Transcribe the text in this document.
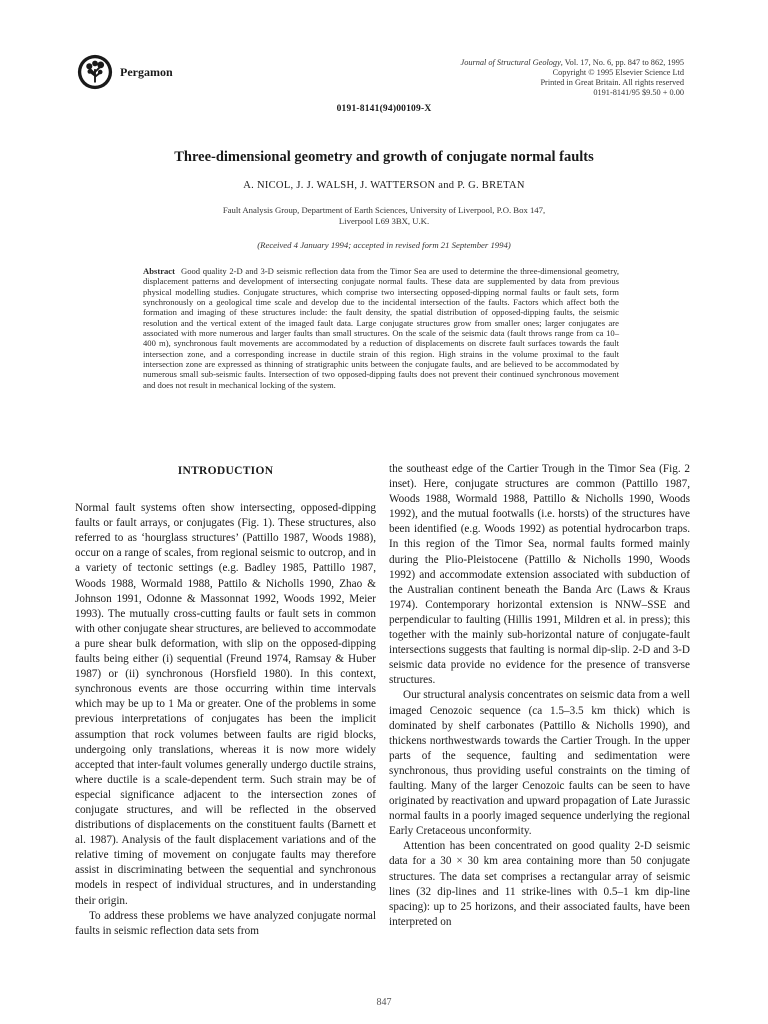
Pergamon
Journal of Structural Geology, Vol. 17, No. 6, pp. 847 to 862, 1995
Copyright © 1995 Elsevier Science Ltd
Printed in Great Britain. All rights reserved
0191-8141/95 $9.50 + 0.00
0191-8141(94)00109-X
Three-dimensional geometry and growth of conjugate normal faults
A. NICOL, J. J. WALSH, J. WATTERSON and P. G. BRETAN
Fault Analysis Group, Department of Earth Sciences, University of Liverpool, P.O. Box 147,
Liverpool L69 3BX, U.K.
(Received 4 January 1994; accepted in revised form 21 September 1994)
Abstract Good quality 2-D and 3-D seismic reflection data from the Timor Sea are used to determine the three-dimensional geometry, displacement patterns and development of intersecting conjugate normal faults. These data are supplemented by data from previous physical modelling studies. Conjugate structures, which comprise two intersecting opposed-dipping normal faults or fault sets, form synchronously on a geological time scale and develop due to the incidental intersection of the faults. Factors which affect both the formation and imaging of these structures include: the fault density, the spatial distribution of opposed-dipping faults, the seismic resolution and the vertical extent of the imaged fault data. Large conjugate structures grow from smaller ones; larger conjugates are associated with more numerous and larger faults than small structures. On the scale of the seismic data (fault throws range from ca 10–400 m), synchronous fault movements are accommodated by a reduction of displacements on discrete fault surfaces towards the fault intersection zone, and a corresponding increase in ductile strain of this region. High strains in the volume proximal to the fault intersection zone are expressed as thinning of stratigraphic units between the conjugate faults, and are believed to be accommodated by numerous small sub-seismic faults. Intersection of two opposed-dipping faults does not prevent their continued synchronous movement and does not result in mechanical locking of the system.
INTRODUCTION

Normal fault systems often show intersecting, opposed-dipping faults or fault arrays, or conjugates (Fig. 1). These structures, also referred to as ‘hourglass structures’ (Pattillo 1987, Woods 1988), occur on a range of scales, from regional seismic to outcrop, and in a variety of tectonic settings (e.g. Badley 1985, Pattillo 1987, Woods 1988, Wormald 1988, Pattilo & Nicholls 1990, Zhao & Johnson 1991, Odonne & Massonnat 1992, Woods 1992, Meier 1993). The mutually cross-cutting faults or fault sets in common with other conjugate shear structures, are believed to accommodate a pure shear bulk deformation, with slip on the opposed-dipping faults being either (i) sequential (Freund 1974, Ramsay & Huber 1987) or (ii) synchronous (Horsfield 1980). In this context, synchronous events are those occurring within time intervals which may be up to 1 Ma or greater. One of the problems in some previous interpretations of conjugates has been the implicit assumption that rock volumes between faults are rigid blocks, undergoing only translations, whereas it is now more widely accepted that inter-fault volumes generally undergo ductile strains, where ductile is a scale-dependent term. Such strain may be of especial significance adjacent to the intersection zones of conjugate structures, and will be reflected in the observed distributions of displacements on the constituent faults (Barnett et al. 1987). Analysis of the fault displacement variations and of the relative timing of movement on conjugate faults may therefore assist in discriminating between the sequential and synchronous models in respect of individual structures, and in understanding their origin.

To address these problems we have analyzed conjugate normal faults in seismic reflection data sets from

the southeast edge of the Cartier Trough in the Timor Sea (Fig. 2 inset). Here, conjugate structures are common (Pattillo 1987, Woods 1988, Wormald 1988, Pattillo & Nicholls 1990, Woods 1992), and the mutual footwalls (i.e. horsts) of the structures have been identified (e.g. Woods 1992) as potential hydrocarbon traps. In this region of the Timor Sea, normal faults formed mainly during the Plio-Pleistocene (Pattillo & Nicholls 1990, Woods 1992) and accommodate extension associated with subduction of the Australian continent beneath the Banda Arc (Laws & Kraus 1974). Contemporary horizontal extension is NNW–SSE and perpendicular to faulting (Hillis 1991, Mildren et al. in press); this together with the mainly sub-horizontal nature of conjugate-fault intersections suggests that faulting is normal dip-slip. 2-D and 3-D seismic data provide no evidence for the presence of transverse structures.

Our structural analysis concentrates on seismic data from a well imaged Cenozoic sequence (ca 1.5–3.5 km thick) which is dominated by shelf carbonates (Pattillo & Nicholls 1990), and thickens northwestwards towards the Cartier Trough. In the upper parts of the sequence, faulting and sedimentation were synchronous, thus providing useful constraints on the timing of faulting. Many of the larger Cenozoic faults can be seen to have originated by reactivation and upward propagation of Late Jurassic normal faults in a poorly imaged sequence underlying the regional Early Cretaceous unconformity.

Attention has been concentrated on good quality 2-D seismic data for a 30 × 30 km area containing more than 50 conjugate structures. The data set comprises a rectangular array of seismic lines (32 dip-lines and 11 strike-lines with 0.5–1 km dip-line spacing): up to 25 horizons, and their associated faults, have been interpreted on

847
